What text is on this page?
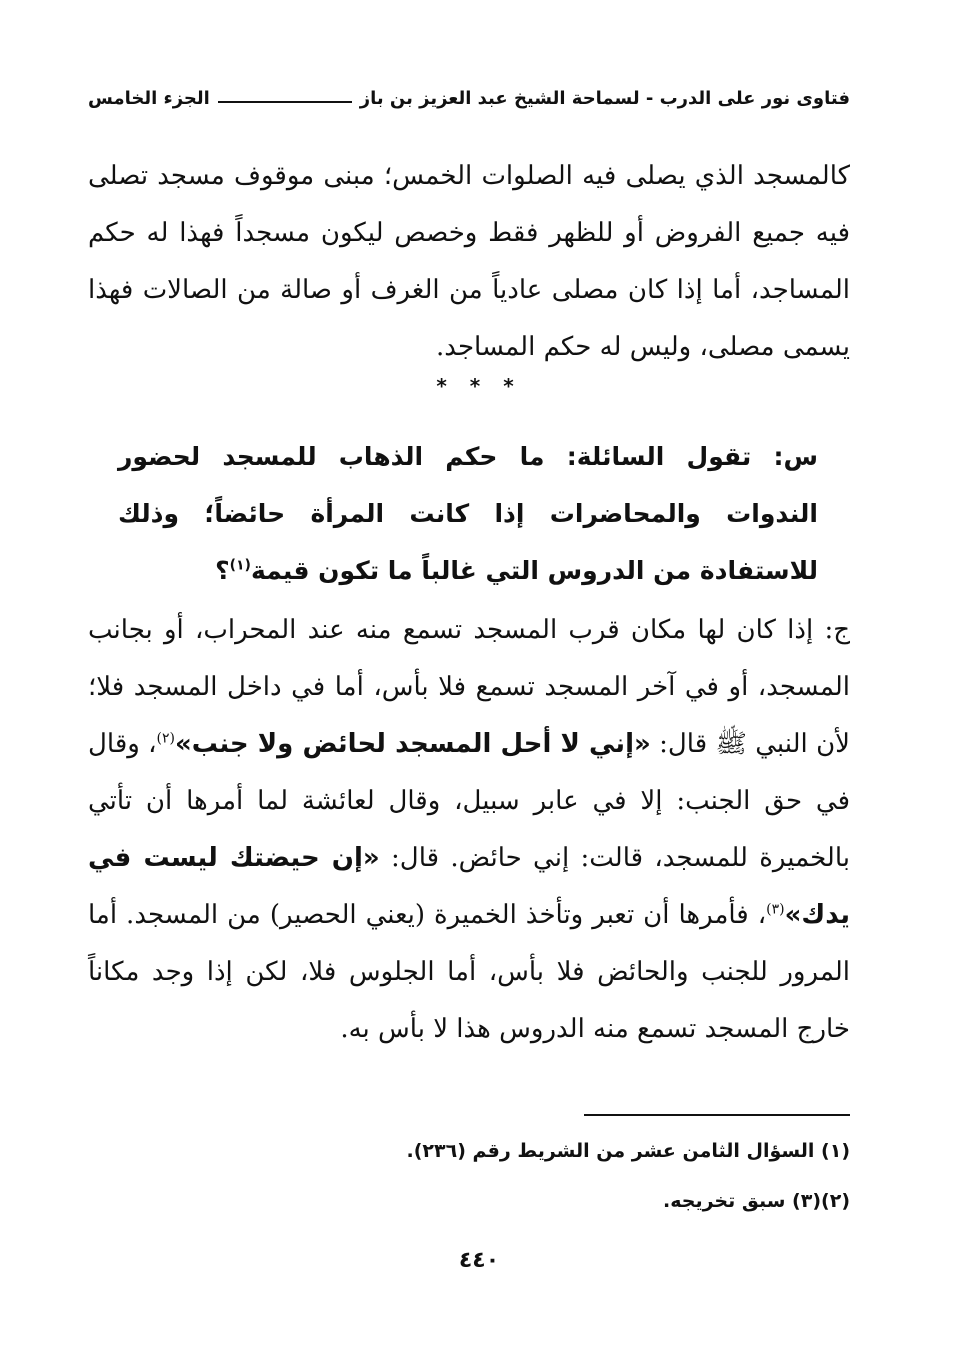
فتاوى نور على الدرب - لسماحة الشيخ عبد العزيز بن باز
الجزء الخامس
كالمسجد الذي يصلى فيه الصلوات الخمس؛ مبنى موقوف مسجد تصلى فيه جميع الفروض أو للظهر فقط وخصص ليكون مسجداً فهذا له حكم المساجد، أما إذا كان مصلى عادياً من الغرف أو صالة من الصالات فهذا يسمى مصلى، وليس له حكم المساجد.
* * *
س: تقول السائلة: ما حكم الذهاب للمسجد لحضور الندوات والمحاضرات إذا كانت المرأة حائضاً؛ وذلك للاستفادة من الدروس التي غالباً ما تكون قيمة$^{(١)}$؟
ج: إذا كان لها مكان قرب المسجد تسمع منه عند المحراب، أو بجانب المسجد، أو في آخر المسجد تسمع فلا بأس، أما في داخل المسجد فلا؛ لأن النبي ﷺ قال: «إني لا أحل المسجد لحائض ولا جنب»$^{(٢)}$، وقال في حق الجنب: إلا في عابر سبيل، وقال لعائشة لما أمرها أن تأتي بالخميرة للمسجد، قالت: إني حائض. قال: «إن حيضتك ليست في يدك»$^{(٣)}$، فأمرها أن تعبر وتأخذ الخميرة (يعني الحصير) من المسجد. أما المرور للجنب والحائض فلا بأس، أما الجلوس فلا، لكن إذا وجد مكاناً خارج المسجد تسمع منه الدروس هذا لا بأس به.
(١) السؤال الثامن عشر من الشريط رقم (٢٣٦).
(٢)(٣) سبق تخريجه.
٤٤٠
